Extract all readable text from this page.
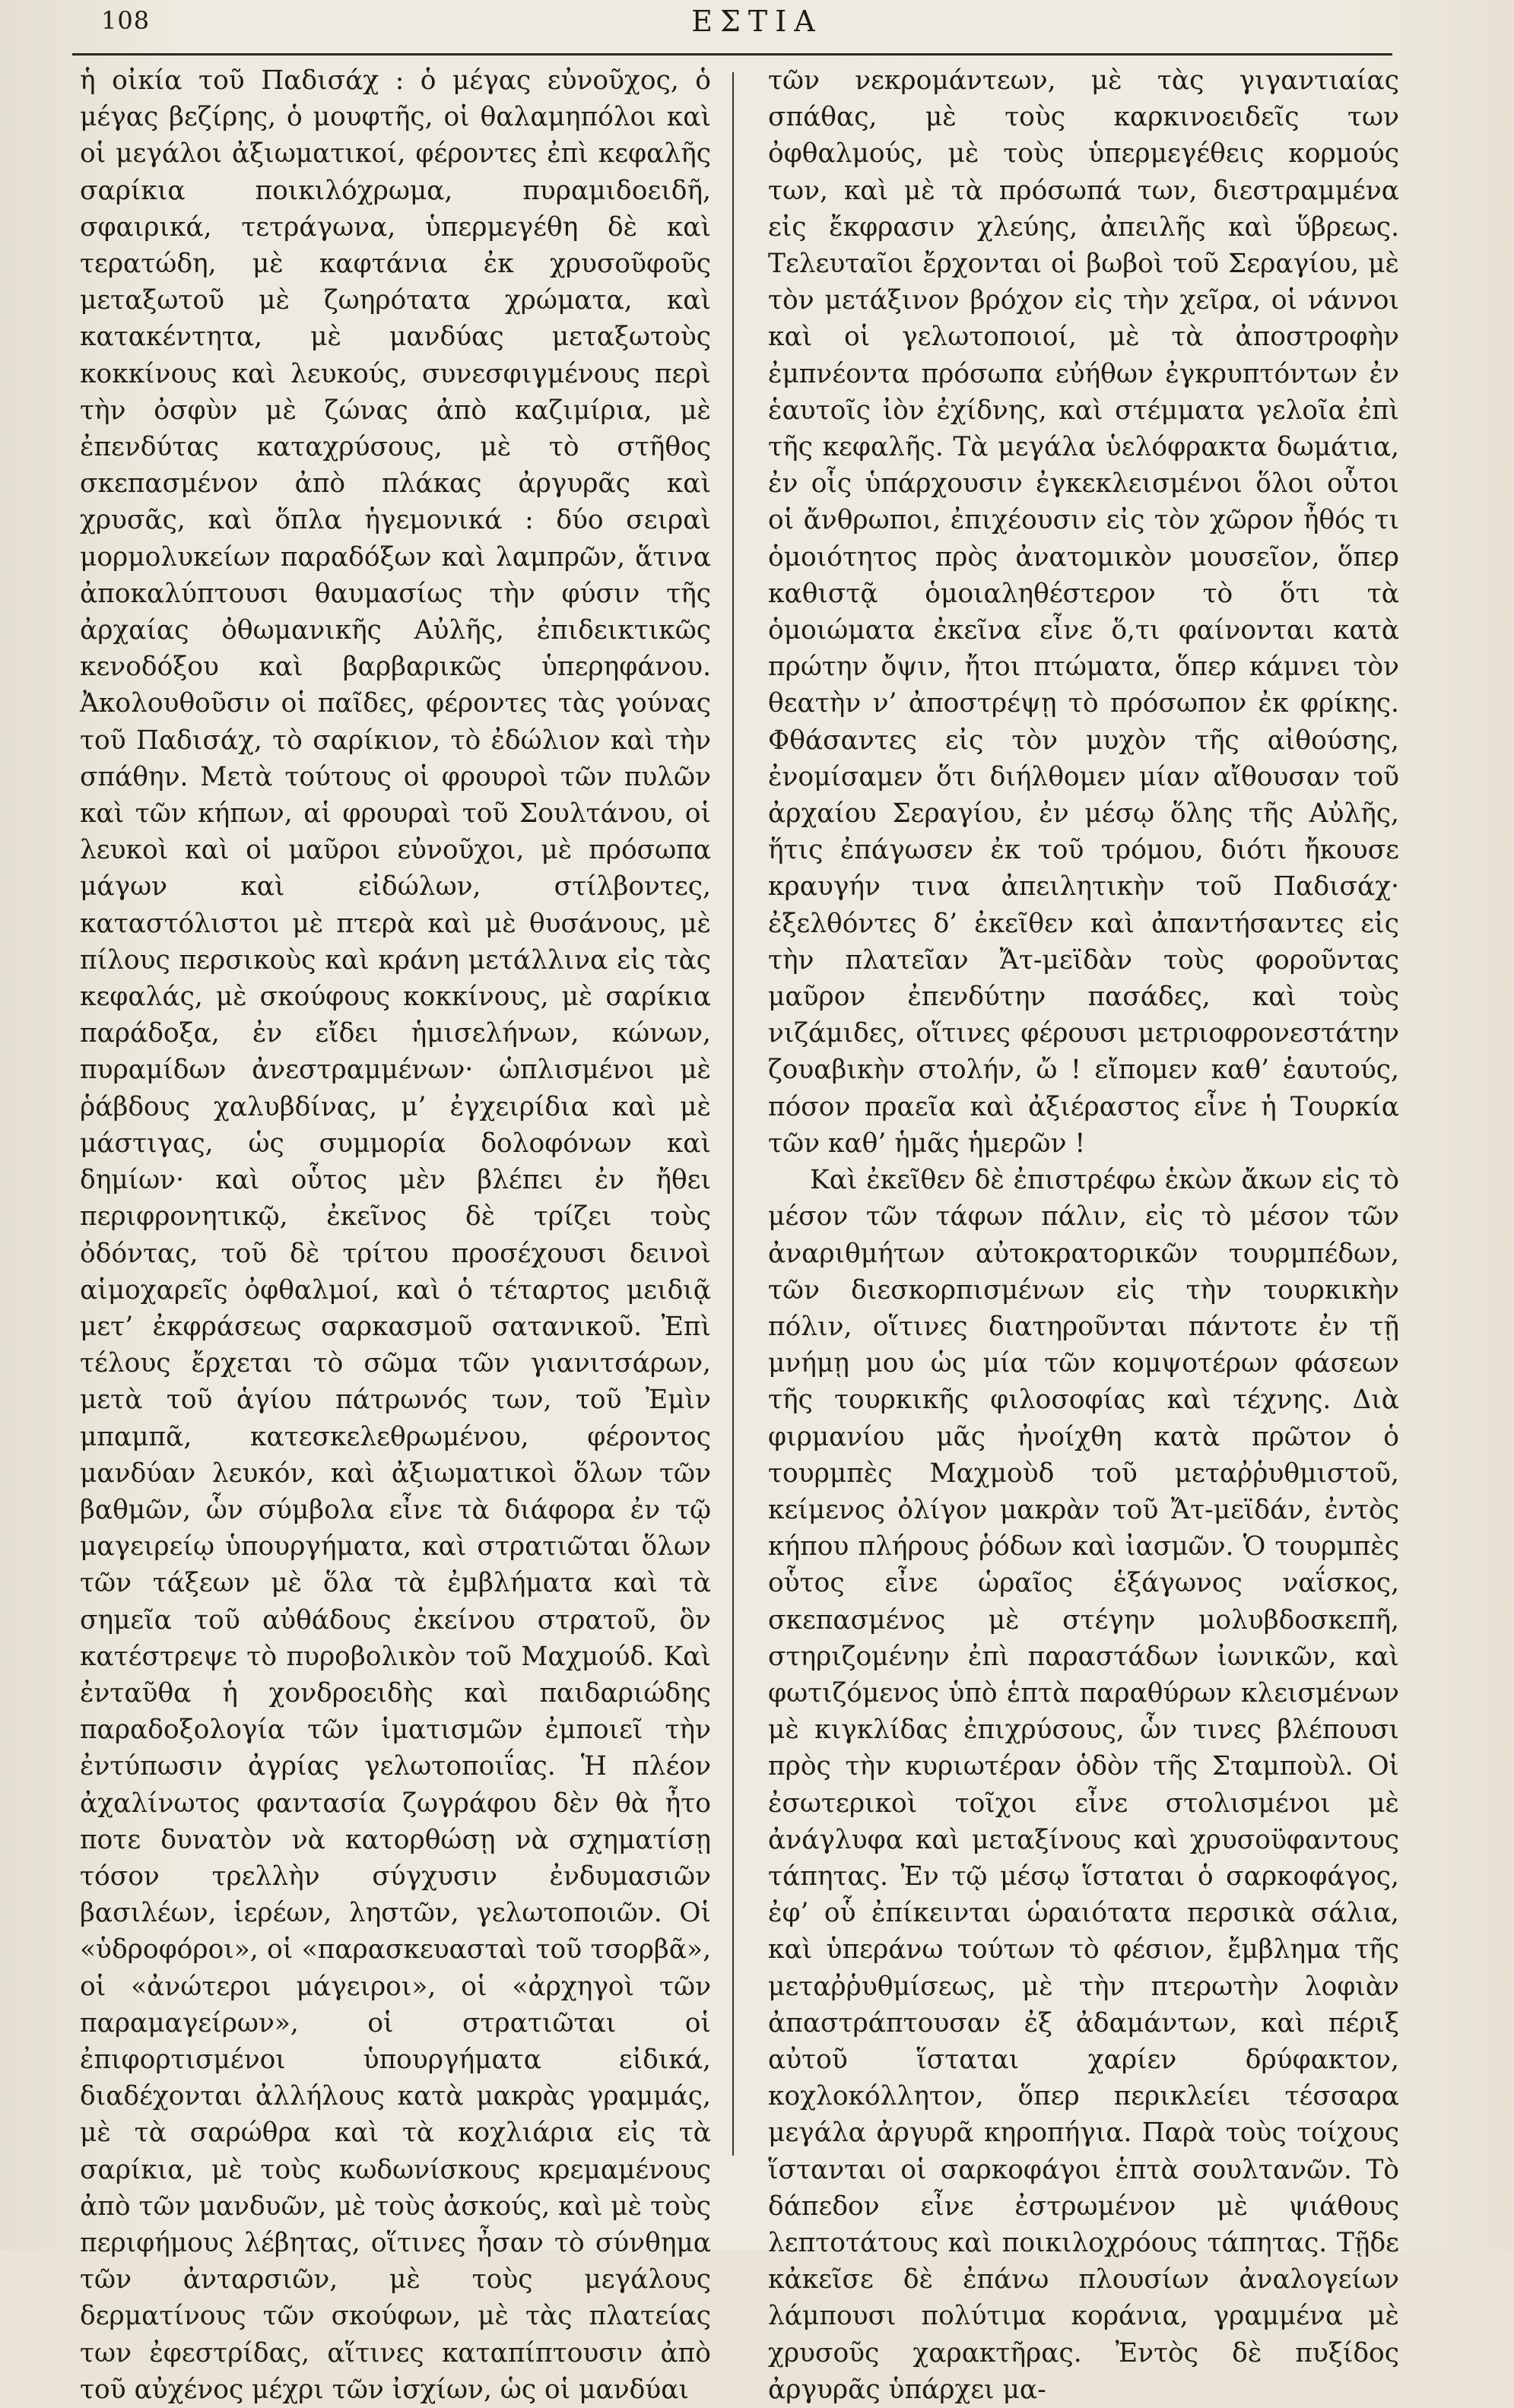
108	ΕΣΤΙΑ

ἡ οἰκία τοῦ Παδισάχ : ὁ μέγας εὐνοῦχος, ὁ μέγας βεζίρης, ὁ μουφτῆς, οἱ θαλαμηπόλοι καὶ οἱ μεγάλοι ἀξιωματικοί, φέροντες ἐπὶ κεφαλῆς σαρίκια ποικιλόχρωμα, πυραμιδοειδῆ, σφαιρικά, τετράγωνα, ὑπερμεγέθη δὲ καὶ τερατώδη, μὲ καφτάνια ἐκ χρυσοῦφοῦς μεταξωτοῦ μὲ ζωηρότατα χρώματα, καὶ κατακέντητα, μὲ μανδύας μεταξωτοὺς κοκκίνους καὶ λευκούς, συνεσφιγμένους περὶ τὴν ὀσφὺν μὲ ζώνας ἀπὸ καζιμίρια, μὲ ἐπενδύτας καταχρύσους, μὲ τὸ στῆθος σκεπασμένον ἀπὸ πλάκας ἀργυρᾶς καὶ χρυσᾶς, καὶ ὅπλα ἡγεμονικά : δύο σειραὶ μορμολυκείων παραδόξων καὶ λαμπρῶν, ἅτινα ἀποκαλύπτουσι θαυμασίως τὴν φύσιν τῆς ἀρχαίας ὀθωμανικῆς Αὐλῆς, ἐπιδεικτικῶς κενοδόξου καὶ βαρβαρικῶς ὑπερηφάνου. Ἀκολουθοῦσιν οἱ παῖδες, φέροντες τὰς γούνας τοῦ Παδισάχ, τὸ σαρίκιον, τὸ ἐδώλιον καὶ τὴν σπάθην. Μετὰ τούτους οἱ φρουροὶ τῶν πυλῶν καὶ τῶν κήπων, αἱ φρουραὶ τοῦ Σουλτάνου, οἱ λευκοὶ καὶ οἱ μαῦροι εὐνοῦχοι, μὲ πρόσωπα μάγων καὶ εἰδώλων, στίλβοντες, καταστόλιστοι μὲ πτερὰ καὶ μὲ θυσάνους, μὲ πίλους περσικοὺς καὶ κράνη μετάλλινα εἰς τὰς κεφαλάς, μὲ σκούφους κοκκίνους, μὲ σαρίκια παράδοξα, ἐν εἴδει ἡμισελήνων, κώνων, πυραμίδων ἀνεστραμμένων· ὡπλισμένοι μὲ ῥάβδους χαλυβδίνας, μ’ ἐγχειρίδια καὶ μὲ μάστιγας, ὡς συμμορία δολοφόνων καὶ δημίων· καὶ οὗτος μὲν βλέπει ἐν ἤθει περιφρονητικῷ, ἐκεῖνος δὲ τρίζει τοὺς ὀδόντας, τοῦ δὲ τρίτου προσέχουσι δεινοὶ αἱμοχαρεῖς ὀφθαλμοί, καὶ ὁ τέταρτος μειδιᾷ μετ’ ἐκφράσεως σαρκασμοῦ σατανικοῦ. Ἐπὶ τέλους ἔρχεται τὸ σῶμα τῶν γιανιτσάρων, μετὰ τοῦ ἁγίου πάτρωνός των, τοῦ Ἐμὶν μπαμπᾶ, κατεσκελεθρωμένου, φέροντος μανδύαν λευκόν, καὶ ἀξιωματικοὶ ὅλων τῶν βαθμῶν, ὧν σύμβολα εἶνε τὰ διάφορα ἐν τῷ μαγειρείῳ ὑπουργήματα, καὶ στρατιῶται ὅλων τῶν τάξεων μὲ ὅλα τὰ ἐμβλήματα καὶ τὰ σημεῖα τοῦ αὐθάδους ἐκείνου στρατοῦ, ὃν κατέστρεψε τὸ πυροβολικὸν τοῦ Μαχμούδ. Καὶ ἐνταῦθα ἡ χονδροειδὴς καὶ παιδαριώδης παραδοξολογία τῶν ἱματισμῶν ἐμποιεῖ τὴν ἐντύπωσιν ἀγρίας γελωτοποιΐας. Ἡ πλέον ἀχαλίνωτος φαντασία ζωγράφου δὲν θὰ ἦτο ποτε δυνατὸν νὰ κατορθώσῃ νὰ σχηματίσῃ τόσον τρελλὴν σύγχυσιν ἐνδυμασιῶν βασιλέων, ἱερέων, ληστῶν, γελωτοποιῶν. Οἱ «ὑδροφόροι», οἱ «παρασκευασταὶ τοῦ τσορβᾶ», οἱ «ἀνώτεροι μάγειροι», οἱ «ἀρχηγοὶ τῶν παραμαγείρων», οἱ στρατιῶται οἱ ἐπιφορτισμένοι ὑπουργήματα εἰδικά, διαδέχονται ἀλλήλους κατὰ μακρὰς γραμμάς, μὲ τὰ σαρώθρα καὶ τὰ κοχλιάρια εἰς τὰ σαρίκια, μὲ τοὺς κωδωνίσκους κρεμαμένους ἀπὸ τῶν μανδυῶν, μὲ τοὺς ἀσκούς, καὶ μὲ τοὺς περιφήμους λέβητας, οἵτινες ἦσαν τὸ σύνθημα τῶν ἀνταρσιῶν, μὲ τοὺς μεγάλους δερματίνους τῶν σκούφων, μὲ τὰς πλατείας των ἐφεστρίδας, αἵτινες καταπίπτουσιν ἀπὸ τοῦ αὐχένος μέχρι τῶν ἰσχίων, ὡς οἱ μανδύαι

τῶν νεκρομάντεων, μὲ τὰς γιγαντιαίας σπάθας, μὲ τοὺς καρκινοειδεῖς των ὀφθαλμούς, μὲ τοὺς ὑπερμεγέθεις κορμούς των, καὶ μὲ τὰ πρόσωπά των, διεστραμμένα εἰς ἔκφρασιν χλεύης, ἀπειλῆς καὶ ὕβρεως. Τελευταῖοι ἔρχονται οἱ βωβοὶ τοῦ Σεραγίου, μὲ τὸν μετάξινον βρόχον εἰς τὴν χεῖρα, οἱ νάννοι καὶ οἱ γελωτοποιοί, μὲ τὰ ἀποστροφὴν ἐμπνέοντα πρόσωπα εὐήθων ἐγκρυπτόντων ἐν ἑαυτοῖς ἰὸν ἐχίδνης, καὶ στέμματα γελοῖα ἐπὶ τῆς κεφαλῆς. Τὰ μεγάλα ὑελόφρακτα δωμάτια, ἐν οἷς ὑπάρχουσιν ἐγκεκλεισμένοι ὅλοι οὗτοι οἱ ἄνθρωποι, ἐπιχέουσιν εἰς τὸν χῶρον ἦθός τι ὁμοιότητος πρὸς ἀνατομικὸν μουσεῖον, ὅπερ καθιστᾷ ὁμοιαληθέστερον τὸ ὅτι τὰ ὁμοιώματα ἐκεῖνα εἶνε ὅ,τι φαίνονται κατὰ πρώτην ὄψιν, ἤτοι πτώματα, ὅπερ κάμνει τὸν θεατὴν ν’ ἀποστρέψῃ τὸ πρόσωπον ἐκ φρίκης. Φθάσαντες εἰς τὸν μυχὸν τῆς αἰθούσης, ἐνομίσαμεν ὅτι διήλθομεν μίαν αἴθουσαν τοῦ ἀρχαίου Σεραγίου, ἐν μέσῳ ὅλης τῆς Αὐλῆς, ἥτις ἐπάγωσεν ἐκ τοῦ τρόμου, διότι ἤκουσε κραυγήν τινα ἀπειλητικὴν τοῦ Παδισάχ· ἐξελθόντες δ’ ἐκεῖθεν καὶ ἀπαντήσαντες εἰς τὴν πλατεῖαν Ἄτ-μεϊδὰν τοὺς φοροῦντας μαῦρον ἐπενδύτην πασάδες, καὶ τοὺς νιζάμιδες, οἵτινες φέρουσι μετριοφρονεστάτην ζουαβικὴν στολήν, ὤ ! εἴπομεν καθ’ ἑαυτούς, πόσον πραεῖα καὶ ἀξιέραστος εἶνε ἡ Τουρκία τῶν καθ’ ἡμᾶς ἡμερῶν !

Καὶ ἐκεῖθεν δὲ ἐπιστρέφω ἑκὼν ἄκων εἰς τὸ μέσον τῶν τάφων πάλιν, εἰς τὸ μέσον τῶν ἀναριθμήτων αὐτοκρατορικῶν τουρμπέδων, τῶν διεσκορπισμένων εἰς τὴν τουρκικὴν πόλιν, οἵτινες διατηροῦνται πάντοτε ἐν τῇ μνήμῃ μου ὡς μία τῶν κομψοτέρων φάσεων τῆς τουρκικῆς φιλοσοφίας καὶ τέχνης. Διὰ φιρμανίου μᾶς ἠνοίχθη κατὰ πρῶτον ὁ τουρμπὲς Μαχμοὺδ τοῦ μεταῤῥυθμιστοῦ, κείμενος ὀλίγον μακρὰν τοῦ Ἄτ-μεϊδάν, ἐντὸς κήπου πλήρους ῥόδων καὶ ἰασμῶν. Ὁ τουρμπὲς οὗτος εἶνε ὡραῖος ἑξάγωνος ναΐσκος, σκεπασμένος μὲ στέγην μολυβδοσκεπῆ, στηριζομένην ἐπὶ παραστάδων ἰωνικῶν, καὶ φωτιζόμενος ὑπὸ ἑπτὰ παραθύρων κλεισμένων μὲ κιγκλίδας ἐπιχρύσους, ὧν τινες βλέπουσι πρὸς τὴν κυριωτέραν ὁδὸν τῆς Σταμποὺλ. Οἱ ἐσωτερικοὶ τοῖχοι εἶνε στολισμένοι μὲ ἀνάγλυφα καὶ μεταξίνους καὶ χρυσοϋφαντους τάπητας. Ἐν τῷ μέσῳ ἵσταται ὁ σαρκοφάγος, ἐφ’ οὗ ἐπίκεινται ὡραιότατα περσικὰ σάλια, καὶ ὑπεράνω τούτων τὸ φέσιον, ἔμβλημα τῆς μεταῤῥυθμίσεως, μὲ τὴν πτερωτὴν λοφιὰν ἀπαστράπτουσαν ἐξ ἀδαμάντων, καὶ πέριξ αὐτοῦ ἵσταται χαρίεν δρύφακτον, κοχλοκόλλητον, ὅπερ περικλείει τέσσαρα μεγάλα ἀργυρᾶ κηροπήγια. Παρὰ τοὺς τοίχους ἵστανται οἱ σαρκοφάγοι ἑπτὰ σουλτανῶν. Τὸ δάπεδον εἶνε ἐστρωμένον μὲ ψιάθους λεπτοτάτους καὶ ποικιλοχρόους τάπητας. Τῇδε κἀκεῖσε δὲ ἐπάνω πλουσίων ἀναλογείων λάμπουσι πολύτιμα κοράνια, γραμμένα μὲ χρυσοῦς χαρακτῆρας. Ἐντὸς δὲ πυξίδος ἀργυρᾶς ὑπάρχει μα-
